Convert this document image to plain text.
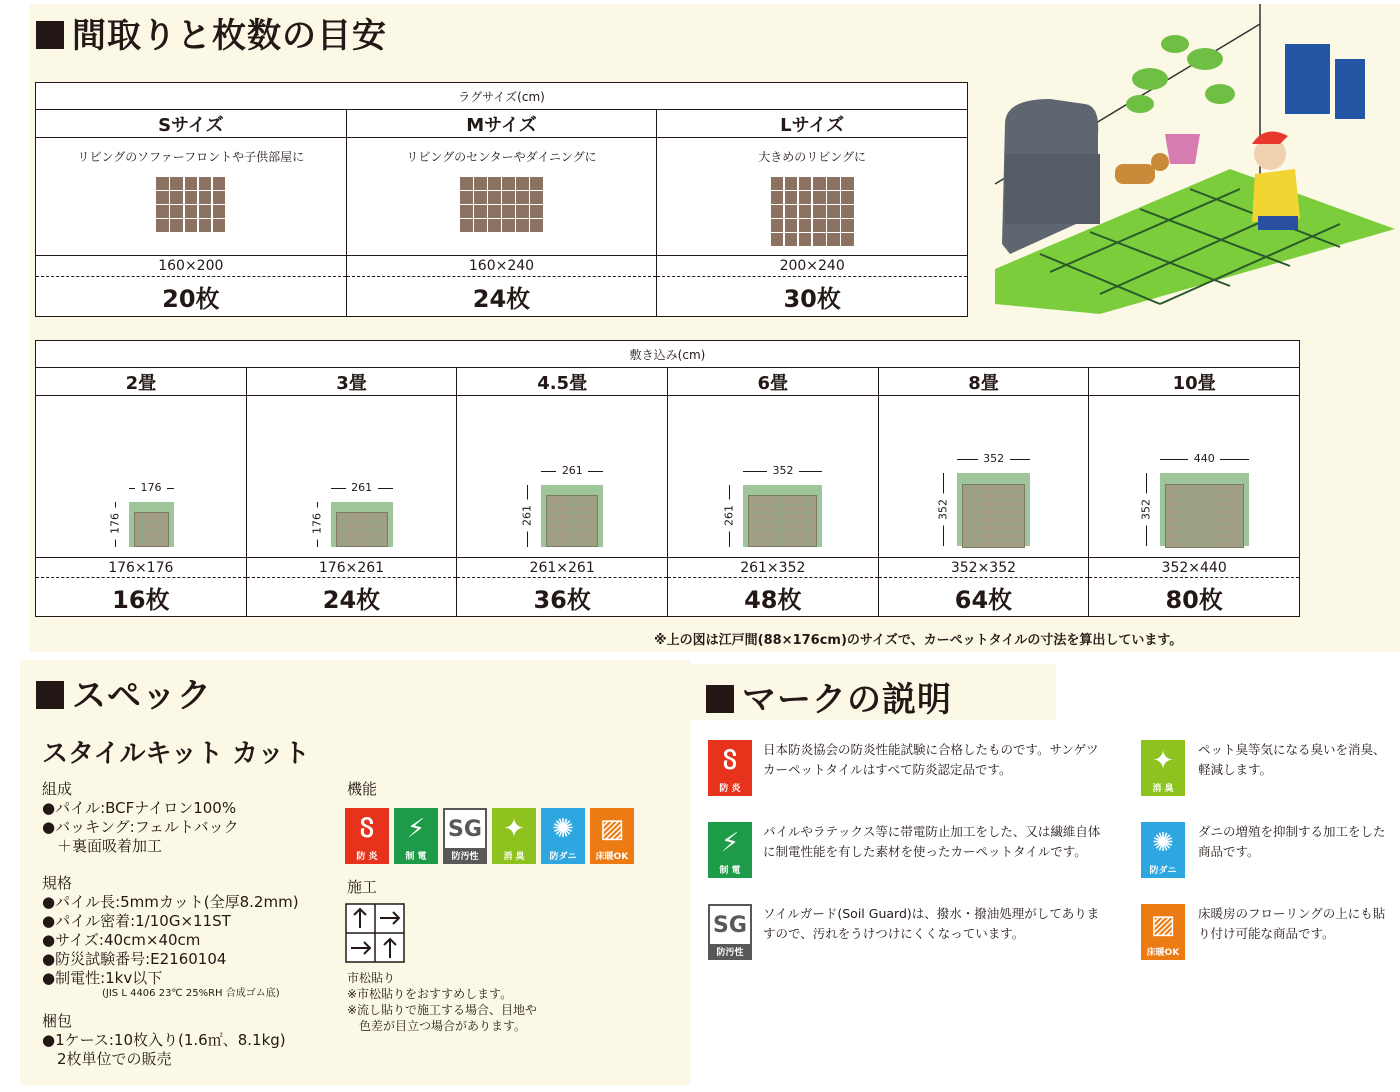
間取りと枚数の目安
ラグサイズ(cm)		
Sサイズ	Mサイズ	Lサイズ

リビングのソファーフロントや子供部屋に	リビングのセンターやダイニングに	大きめのリビングに

160×200	160×240	200×240
20枚	24枚	30枚
敷き込み(cm)					
2畳	3畳	4.5畳	6畳	8畳	10畳

176
176	261
176	261
261	352
261	352
352	440
352

176×176	176×261	261×261	261×352	352×352	352×440
16枚	24枚	36枚	48枚	64枚	80枚
※上の図は江戸間(88×176cm)のサイズで、カーペットタイルの寸法を算出しています。
スペック	マークの説明
スタイルキット カット
組成
●パイル:BCFナイロン100%
●バッキング:フェルトバック
　＋裏面吸着加工
規格
●パイル長:5mmカット(全厚8.2mm)
●パイル密着:1/10G×11ST
●サイズ:40cm×40cm
●防災試験番号:E2160104
●制電性:1kv以下
(JIS L 4406 23℃ 25%RH 合成ゴム底)
梱包
●1ケース:10枚入り(1.6㎡、8.1kg)
　2枚単位での販売
機能
ჽ
防 炎
⚡
制 電
SG
防汚性
✦
消 臭
✺
防ダニ
▨
床暖OK
施工
市松貼り
※市松貼りをおすすめします。
※流し貼りで施工する場合、目地や
　色差が目立つ場合があります。
ჽ
防 炎
日本防炎協会の防炎性能試験に合格したものです。サンゲツカーペットタイルはすべて防炎認定品です。	✦
消 臭
ペット臭等気になる臭いを消臭、軽減します。
⚡
制 電
パイルやラテックス等に帯電防止加工をした、又は繊維自体に制電性能を有した素材を使ったカーペットタイルです。	✺
防ダニ
ダニの増殖を抑制する加工をした商品です。
SG
防汚性
ソイルガード(Soil Guard)は、撥水・撥油処理がしてありますので、汚れをうけつけにくくなっています。	▨
床暖OK
床暖房のフローリングの上にも貼り付け可能な商品です。
